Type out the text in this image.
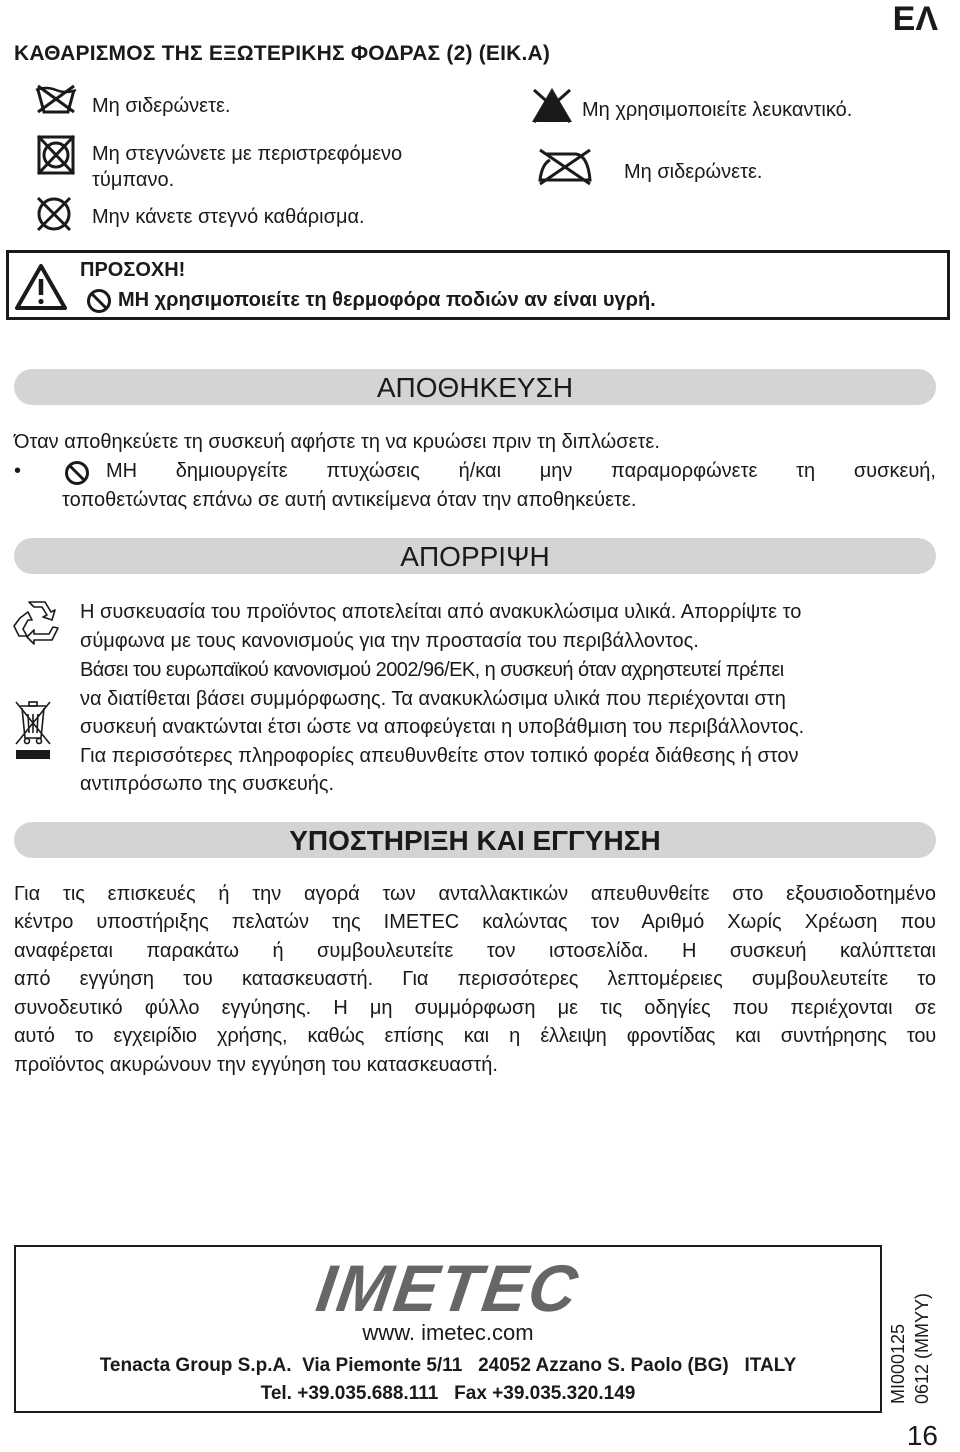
ΕΛ
ΚΑΘΑΡΙΣΜΟΣ ΤΗΣ ΕΞΩΤΕΡΙΚΗΣ ΦΟΔΡΑΣ (2) (ΕΙΚ.Α)
Μη σιδερώνετε.
Μη στεγνώνετε με περιστρεφόμενο
τύμπανο.
Μην κάνετε στεγνό καθάρισμα.
Μη χρησιμοποιείτε λευκαντικό.
Μη σιδερώνετε.
ΠΡΟΣΟΧΗ!
ΜΗ χρησιμοποιείτε τη θερμοφόρα ποδιών αν είναι υγρή.
ΑΠΟΘΗΚΕΥΣΗ
Όταν αποθηκεύετε τη συσκευή αφήστε τη να κρυώσει πριν τη διπλώσετε.
•	ΜΗ δημιουργείτε πτυχώσεις ή/και μην παραμορφώνετε τη συσκευή,
τοποθετώντας επάνω σε αυτή αντικείμενα όταν την αποθηκεύετε.
ΑΠΟΡΡΙΨΗ
Η συσκευασία του προϊόντος αποτελείται από ανακυκλώσιμα υλικά. Απορρίψτε το
σύμφωνα με τους κανονισμούς για την προστασία του περιβάλλοντος.
Βάσει του ευρωπαϊκού κανονισμού 2002/96/ΕΚ, η συσκευή όταν αχρηστευτεί πρέπει
να διατίθεται βάσει συμμόρφωσης. Τα ανακυκλώσιμα υλικά που περιέχονται στη
συσκευή ανακτώνται έτσι ώστε να αποφεύγεται η υποβάθμιση του περιβάλλοντος.
Για περισσότερες πληροφορίες απευθυνθείτε στον τοπικό φορέα διάθεσης ή στον
αντιπρόσωπο της συσκευής.
ΥΠΟΣΤΗΡΙΞΗ ΚΑΙ ΕΓΓΥΗΣΗ
Για τις επισκευές ή την αγορά των ανταλλακτικών απευθυνθείτε στο εξουσιοδοτημένο
κέντρο υποστήριξης πελατών της IMETEC καλώντας τον Αριθμό Χωρίς Χρέωση που
αναφέρεται παρακάτω ή συμβουλευτείτε τον ιστοσελίδα. Η συσκευή καλύπτεται
από εγγύηση του κατασκευαστή. Για περισσότερες λεπτομέρειες συμβουλευτείτε το
συνοδευτικό φύλλο εγγύησης. Η μη συμμόρφωση με τις οδηγίες που περιέχονται σε
αυτό το εγχειρίδιο χρήσης, καθώς επίσης και η έλλειψη φροντίδας και συντήρησης του
προϊόντος ακυρώνουν την εγγύηση του κατασκευαστή.
IMETEC
www. imetec.com
Tenacta Group S.p.A.  Via Piemonte 5/11   24052 Azzano S. Paolo (BG)   ITALY
Tel. +39.035.688.111   Fax +39.035.320.149	MI000125 0612 (MMYY)
16
